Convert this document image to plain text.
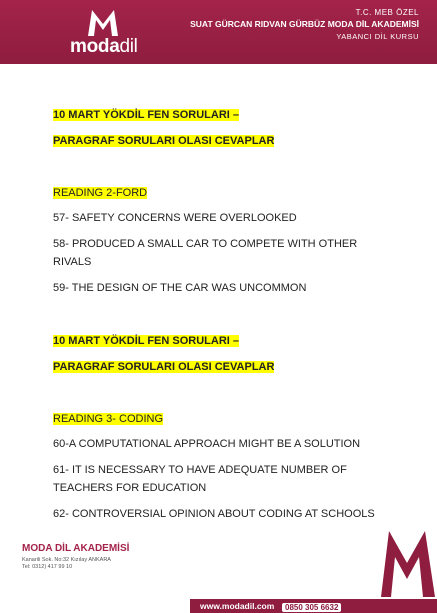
modadil
T.C. MEB ÖZEL
SUAT GÜRCAN RIDVAN GÜRBÜZ MODA DİL AKADEMİSİ
YABANCI DİL KURSU
10 MART YÖKDİL FEN SORULARI –
PARAGRAF SORULARI OLASI CEVAPLAR
READING 2-FORD
57- SAFETY CONCERNS WERE OVERLOOKED
58- PRODUCED A SMALL CAR TO COMPETE WITH OTHER RIVALS
59- THE DESIGN OF THE CAR WAS UNCOMMON
10 MART YÖKDİL FEN SORULARI –
PARAGRAF SORULARI OLASI CEVAPLAR
READING 3- CODING
60-A COMPUTATIONAL APPROACH MIGHT BE A SOLUTION
61- IT IS NECESSARY TO HAVE ADEQUATE NUMBER OF TEACHERS FOR EDUCATION
62- CONTROVERSIAL OPINION ABOUT CODING AT SCHOOLS
MODA DİL AKADEMİSİ
Kanarili Sok. No:32 Kızılay ANKARA
Tel: 0312) 417 99 10
www.modadil.com	0850 305 6632
